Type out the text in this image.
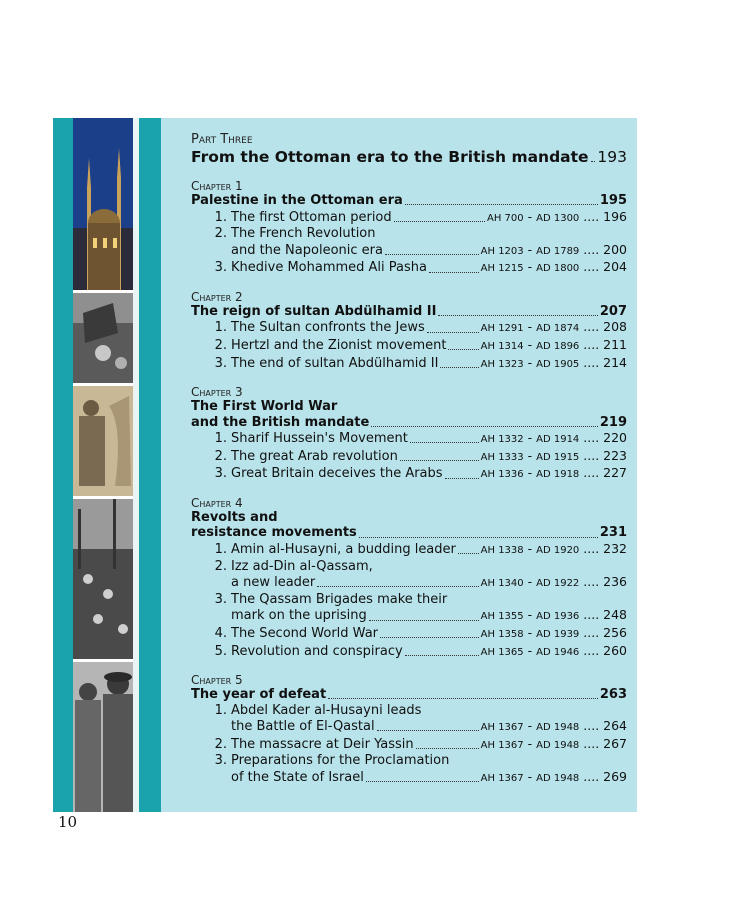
Part Three
From the Ottoman era to the British mandate 193
Chapter 1
Palestine in the Ottoman era	195
1. The first Ottoman period	AH 700 - AD 1300 .... 196
2. The French Revolution
and the Napoleonic era	AH 1203 - AD 1789 .... 200
3. Khedive Mohammed Ali Pasha	AH 1215 - AD 1800 .... 204
Chapter 2
The reign of sultan Abdülhamid II	207
1. The Sultan confronts the Jews	AH 1291 - AD 1874 .... 208
2. Hertzl and the Zionist movement	AH 1314 - AD 1896 .... 211
3. The end of sultan Abdülhamid II	AH 1323 - AD 1905 .... 214
Chapter 3
The First World War
and the British mandate	219
1. Sharif Hussein's Movement	AH 1332 - AD 1914 .... 220
2. The great Arab revolution	AH 1333 - AD 1915 .... 223
3. Great Britain deceives the Arabs	AH 1336 - AD 1918 .... 227
Chapter 4
Revolts and
resistance movements	231
1. Amin al-Husayni, a budding leader AH 1338 - AD 1920 .... 232
2. Izz ad-Din al-Qassam,
a new leader	AH 1340 - AD 1922 .... 236
3. The Qassam Brigades make their
mark on the uprising	AH 1355 - AD 1936 .... 248
4. The Second World War	AH 1358 - AD 1939 .... 256
5. Revolution and conspiracy	AH 1365 - AD 1946 .... 260
Chapter 5
The year of defeat	263
1. Abdel Kader al-Husayni leads
the Battle of El-Qastal	AH 1367 - AD 1948 .... 264
2. The massacre at Deir Yassin	AH 1367 - AD 1948 .... 267
3. Preparations for the Proclamation
of the State of Israel	AH 1367 - AD 1948 .... 269
10
